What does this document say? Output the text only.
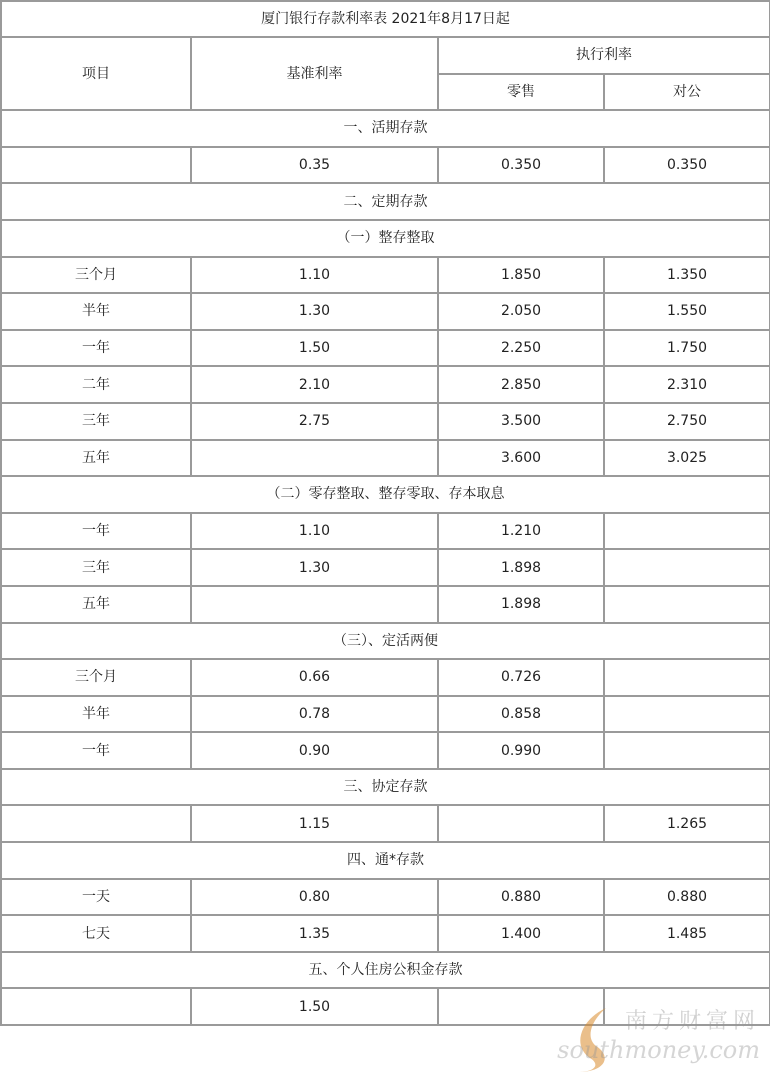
厦门银行存款利率表 2021年8月17日起			
项目	基准利率	执行利率	
		零售	对公
一、活期存款			
	0.35	0.350	0.350
二、定期存款			
（一）整存整取			
三个月	1.10	1.850	1.350
半年	1.30	2.050	1.550
一年	1.50	2.250	1.750
二年	2.10	2.850	2.310
三年	2.75	3.500	2.750
五年		3.600	3.025
（二）零存整取、整存零取、存本取息			
一年	1.10	1.210	
三年	1.30	1.898	
五年		1.898	
（三）、定活两便			
三个月	0.66	0.726	
半年	0.78	0.858	
一年	0.90	0.990	
三、协定存款			
	1.15		1.265
四、通*存款			
一天	0.80	0.880	0.880
七天	1.35	1.400	1.485
五、个人住房公积金存款			
	1.50		
南方财富网
southmoney.com
